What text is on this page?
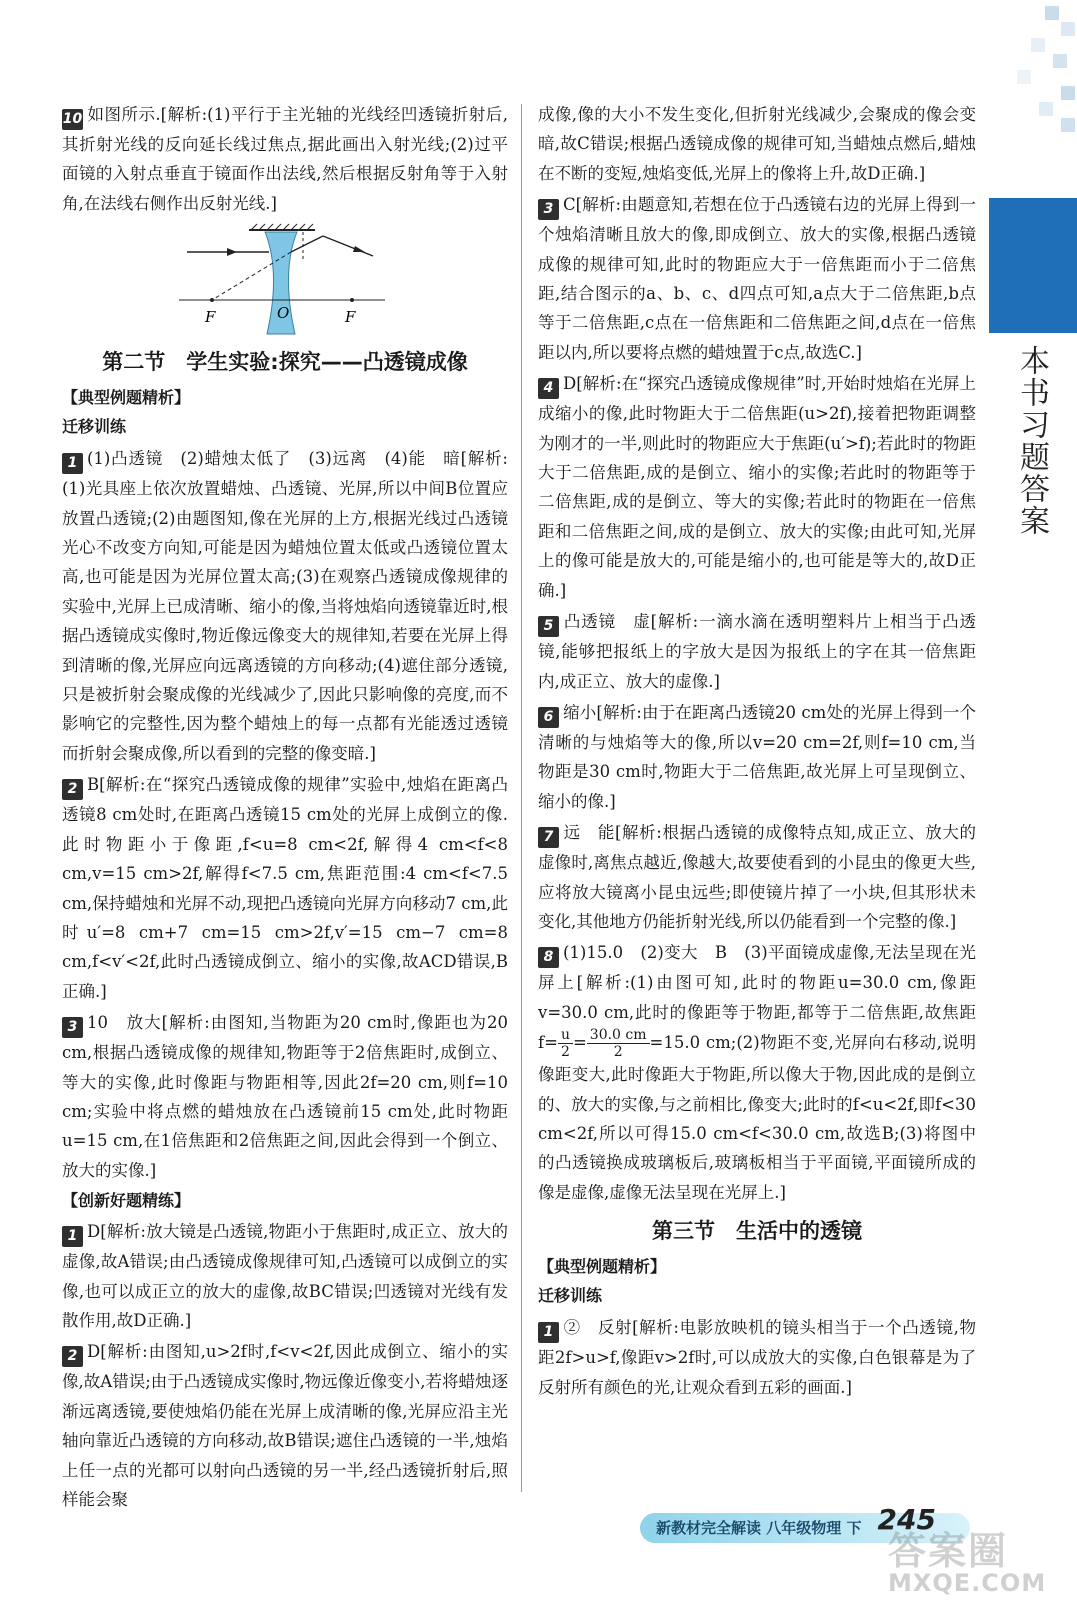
本书习题答案

10 如图所示.[解析:(1)平行于主光轴的光线经凹透镜折射后,其折射光线的反向延长线过焦点,据此画出入射光线;(2)过平面镜的入射点垂直于镜面作出法线,然后根据反射角等于入射角,在法线右侧作出反射光线.]

F	O	F
第二节　学生实验:探究——凸透镜成像
【典型例题精析】
迁移训练

1 (1)凸透镜　(2)蜡烛太低了　(3)远离　(4)能　暗[解析:(1)光具座上依次放置蜡烛、凸透镜、光屏,所以中间B位置应放置凸透镜;(2)由题图知,像在光屏的上方,根据光线过凸透镜光心不改变方向知,可能是因为蜡烛位置太低或凸透镜位置太高,也可能是因为光屏位置太高;(3)在观察凸透镜成像规律的实验中,光屏上已成清晰、缩小的像,当将烛焰向透镜靠近时,根据凸透镜成实像时,物近像远像变大的规律知,若要在光屏上得到清晰的像,光屏应向远离透镜的方向移动;(4)遮住部分透镜,只是被折射会聚成像的光线减少了,因此只影响像的亮度,而不影响它的完整性,因为整个蜡烛上的每一点都有光能透过透镜而折射会聚成像,所以看到的完整的像变暗.]

2 B[解析:在“探究凸透镜成像的规律”实验中,烛焰在距离凸透镜8 cm处时,在距离凸透镜15 cm处的光屏上成倒立的像.此时物距小于像距,f<u=8 cm<2f,解得4 cm<f<8 cm,v=15 cm>2f,解得f<7.5 cm,焦距范围:4 cm<f<7.5 cm,保持蜡烛和光屏不动,现把凸透镜向光屏方向移动7 cm,此时u′=8 cm+7 cm=15 cm>2f,v′=15 cm−7 cm=8 cm,f<v′<2f,此时凸透镜成倒立、缩小的实像,故ACD错误,B正确.]

3 10　放大[解析:由图知,当物距为20 cm时,像距也为20 cm,根据凸透镜成像的规律知,物距等于2倍焦距时,成倒立、等大的实像,此时像距与物距相等,因此2f=20 cm,则f=10 cm;实验中将点燃的蜡烛放在凸透镜前15 cm处,此时物距u=15 cm,在1倍焦距和2倍焦距之间,因此会得到一个倒立、放大的实像.]

【创新好题精练】

1 D[解析:放大镜是凸透镜,物距小于焦距时,成正立、放大的虚像,故A错误;由凸透镜成像规律可知,凸透镜可以成倒立的实像,也可以成正立的放大的虚像,故BC错误;凹透镜对光线有发散作用,故D正确.]

2 D[解析:由图知,u>2f时,f<v<2f,因此成倒立、缩小的实像,故A错误;由于凸透镜成实像时,物远像近像变小,若将蜡烛逐渐远离透镜,要使烛焰仍能在光屏上成清晰的像,光屏应沿主光轴向靠近凸透镜的方向移动,故B错误;遮住凸透镜的一半,烛焰上任一点的光都可以射向凸透镜的另一半,经凸透镜折射后,照样能会聚

成像,像的大小不发生变化,但折射光线减少,会聚成的像会变暗,故C错误;根据凸透镜成像的规律可知,当蜡烛点燃后,蜡烛在不断的变短,烛焰变低,光屏上的像将上升,故D正确.]

3 C[解析:由题意知,若想在位于凸透镜右边的光屏上得到一个烛焰清晰且放大的像,即成倒立、放大的实像,根据凸透镜成像的规律可知,此时的物距应大于一倍焦距而小于二倍焦距,结合图示的a、b、c、d四点可知,a点大于二倍焦距,b点等于二倍焦距,c点在一倍焦距和二倍焦距之间,d点在一倍焦距以内,所以要将点燃的蜡烛置于c点,故选C.]

4 D[解析:在“探究凸透镜成像规律”时,开始时烛焰在光屏上成缩小的像,此时物距大于二倍焦距(u>2f),接着把物距调整为刚才的一半,则此时的物距应大于焦距(u′>f);若此时的物距大于二倍焦距,成的是倒立、缩小的实像;若此时的物距等于二倍焦距,成的是倒立、等大的实像;若此时的物距在一倍焦距和二倍焦距之间,成的是倒立、放大的实像;由此可知,光屏上的像可能是放大的,可能是缩小的,也可能是等大的,故D正确.]

5 凸透镜　虚[解析:一滴水滴在透明塑料片上相当于凸透镜,能够把报纸上的字放大是因为报纸上的字在其一倍焦距内,成正立、放大的虚像.]

6 缩小[解析:由于在距离凸透镜20 cm处的光屏上得到一个清晰的与烛焰等大的像,所以v=20 cm=2f,则f=10 cm,当物距是30 cm时,物距大于二倍焦距,故光屏上可呈现倒立、缩小的像.]

7 远　能[解析:根据凸透镜的成像特点知,成正立、放大的虚像时,离焦点越近,像越大,故要使看到的小昆虫的像更大些,应将放大镜离小昆虫远些;即使镜片掉了一小块,但其形状未变化,其他地方仍能折射光线,所以仍能看到一个完整的像.]

8 (1)15.0　(2)变大　B　(3)平面镜成虚像,无法呈现在光屏上[解析:(1)由图可知,此时的物距u=30.0 cm,像距v=30.0 cm,此时的像距等于物距,都等于二倍焦距,故焦距$f= \frac{u}{2} = \frac{30.0 cm}{2} =15.0$ cm;(2)物距不变,光屏向右移动,说明像距变大,此时像距大于物距,所以像大于物,因此成的是倒立的、放大的实像,与之前相比,像变大;此时的f<u<2f,即f<30 cm<2f,所以可得15.0 cm<f<30.0 cm,故选B;(3)将图中的凸透镜换成玻璃板后,玻璃板相当于平面镜,平面镜所成的像是虚像,虚像无法呈现在光屏上.]

第三节　生活中的透镜
【典型例题精析】
迁移训练

1 ②　反射[解析:电影放映机的镜头相当于一个凸透镜,物距2f>u>f,像距v>2f时,可以成放大的实像,白色银幕是为了反射所有颜色的光,让观众看到五彩的画面.]

新教材完全解读 八年级物理 下 245
答案圈
MXQE.COM
